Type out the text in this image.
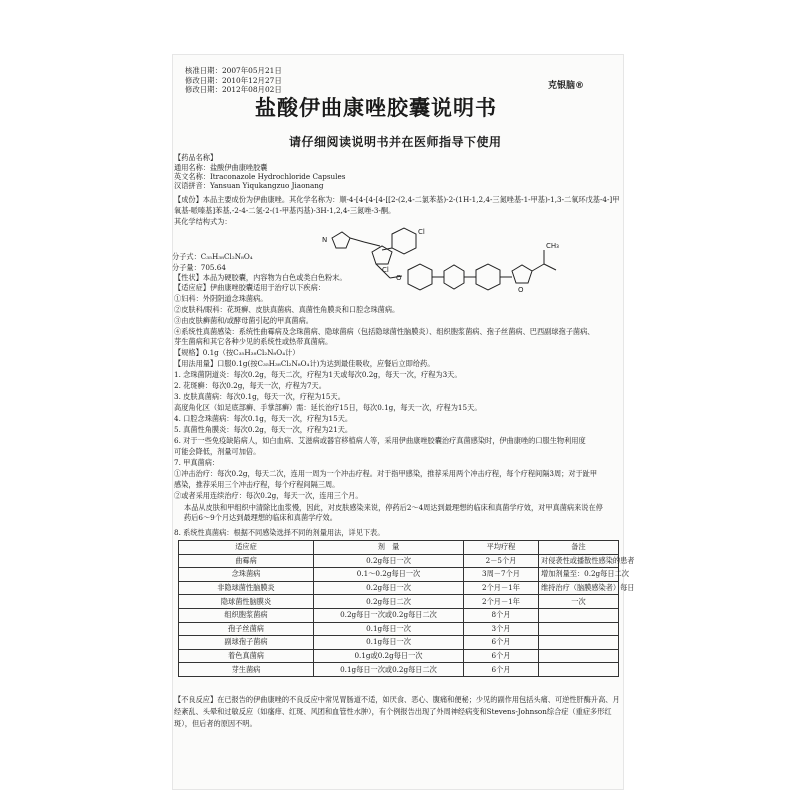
核准日期：2007年05月21日
修改日期：2010年12月27日
修改日期：2012年08月02日	克银脑®
盐酸伊曲康唑胶囊说明书
请仔细阅读说明书并在医师指导下使用
【药品名称】
通用名称：盐酸伊曲康唑胶囊
英文名称：Itraconazole Hydrochloride Capsules
汉语拼音：Yansuan Yiqukangzuo Jiaonang
【成份】本品主要成份为伊曲康唑。其化学名称为：顺-4-[4-[4-[4-[[2-(2,4-二氯苯基)-2-(1H-1,2,4-三氮唑基-1-甲基)-1,3-二氧环戊基-4-]甲氧基-哌嗪基]苯基,-2-4-二氢-2-(1-甲基丙基)-3H-1,2,4-三氮唑-3-酮。
其化学结构式为：
N
Cl
Cl
O
O
CH₃
分子式：C₃₅H₃₈Cl₂N₈O₄
分子量：705.64
【性状】本品为硬胶囊，内容物为白色或类白色粉末。
【适应症】伊曲康唑胶囊适用于治疗以下疾病：
①妇科：外阴阴道念珠菌病。
②皮肤科/眼科：花斑癣、皮肤真菌病、真菌性角膜炎和口腔念珠菌病。
③由皮肤癣菌和/或酵母菌引起的甲真菌病。
④系统性真菌感染：系统性曲霉病及念珠菌病、隐球菌病（包括隐球菌性脑膜炎）、组织胞浆菌病、孢子丝菌病、巴西副球孢子菌病、
芽生菌病和其它各种少见的系统性或热带真菌病。
【规格】0.1g（按C₃₅H₃₈Cl₂N₈O₄计）
【用法用量】口服0.1g(按C₃₅H₃₈Cl₂N₈O₄计)为达到最佳吸收，应餐后立即给药。
1. 念珠菌阴道炎：每次0.2g，每天二次，疗程为1天或每次0.2g，每天一次，疗程为3天。
2. 花斑癣：每次0.2g，每天一次，疗程为7天。
3. 皮肤真菌病：每次0.1g，每天一次，疗程为15天。
高度角化区（如足底部癣、手掌部癣）需：延长治疗15日，每次0.1g，每天一次，疗程为15天。
4. 口腔念珠菌病：每次0.1g，每天一次，疗程为15天。
5. 真菌性角膜炎：每次0.2g，每天一次，疗程为21天。
6. 对于一些免疫缺陷病人，如白血病、艾滋病或器官移植病人等，采用伊曲康唑胶囊治疗真菌感染时，伊曲康唑的口服生物利用度
可能会降低，剂量可加倍。
7. 甲真菌病：
①冲击治疗：每次0.2g，每天二次，连用一周为一个冲击疗程。对于指甲感染，推荐采用两个冲击疗程，每个疗程间隔3周；对于趾甲
感染，推荐采用三个冲击疗程，每个疗程间隔三周。
②或者采用连续治疗：每次0.2g，每天一次，连用三个月。
本品从皮肤和甲组织中清除比血浆慢，因此，对皮肤感染来说，停药后2～4周达到最理想的临床和真菌学疗效，对甲真菌病来说在停药后6～9个月达到最理想的临床和真菌学疗效。
8. 系统性真菌病：根据不同感染选择不同的剂量用法，详见下表。
适应症	剂　量	平均疗程	备注
曲霉病	0.2g每日一次	2－5个月	对侵袭性或播散性感染的患者
念珠菌病	0.1～0.2g每日一次	3周－7个月	增加剂量至：0.2g每日二次
非隐球菌性脑膜炎	0.2g每日一次	2个月－1年	维持治疗（脑膜感染者）每日
隐球菌性脑膜炎	0.2g每日二次	2个月－1年	一次
组织胞浆菌病	0.2g每日一次或0.2g每日二次	8个月	
孢子丝菌病	0.1g每日一次	3个月	
副球孢子菌病	0.1g每日一次	6个月	
着色真菌病	0.1g或0.2g每日一次	6个月	
芽生菌病	0.1g每日一次或0.2g每日二次	6个月	
【不良反应】在已报告的伊曲康唑的不良反应中常见胃肠道不适，如厌食、恶心、腹痛和便秘；少见的副作用包括头痛、可逆性肝酶升高、月经紊乱、头晕和过敏反应（如瘙痒、红斑、风团和血管性水肿），有个例报告出现了外周神经病变和Stevens-Johnson综合症（重症多形红斑），但后者的原因不明。
